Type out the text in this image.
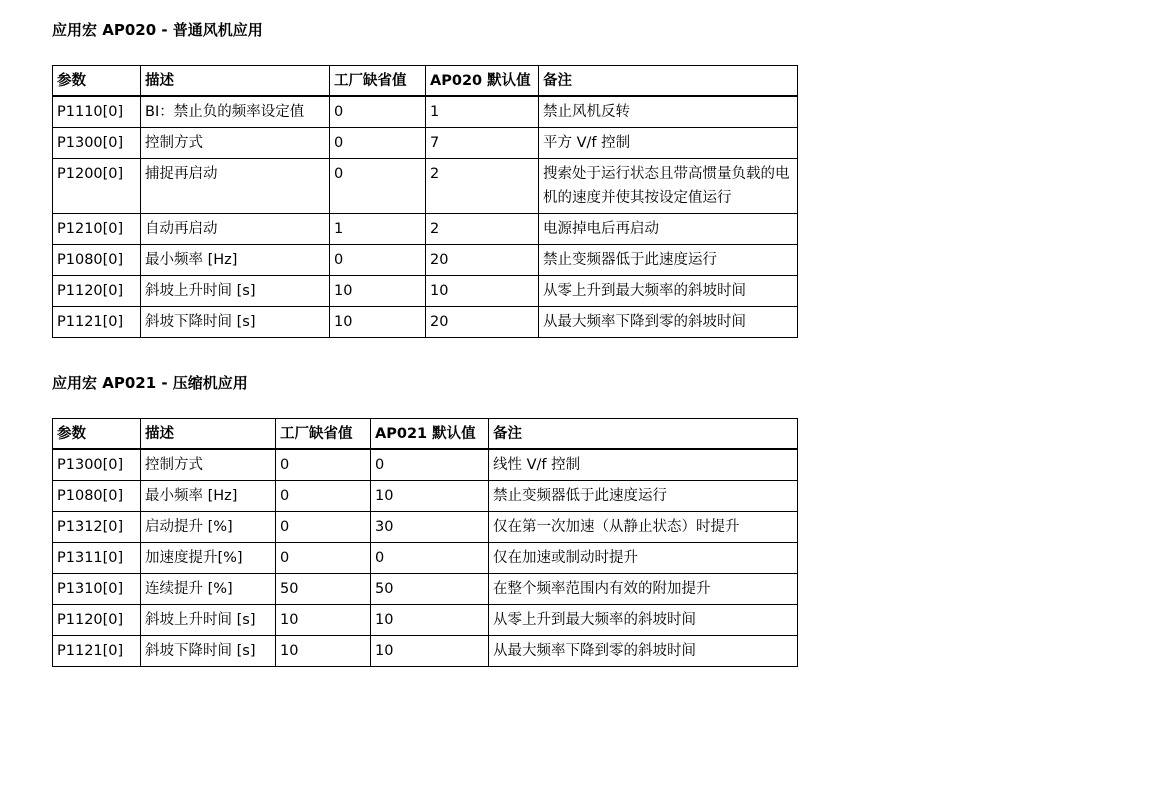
应用宏 AP020 - 普通风机应用
参数	描述	工厂缺省值	AP020 默认值	备注
P1110[0]	BI：禁止负的频率设定值	0	1	禁止风机反转
P1300[0]	控制方式	0	7	平方 V/f 控制
P1200[0]	捕捉再启动	0	2	搜索处于运行状态且带高惯量负载的电机的速度并使其按设定值运行
P1210[0]	自动再启动	1	2	电源掉电后再启动
P1080[0]	最小频率 [Hz]	0	20	禁止变频器低于此速度运行
P1120[0]	斜坡上升时间 [s]	10	10	从零上升到最大频率的斜坡时间
P1121[0]	斜坡下降时间 [s]	10	20	从最大频率下降到零的斜坡时间
应用宏 AP021 - 压缩机应用
参数	描述	工厂缺省值	AP021 默认值	备注
P1300[0]	控制方式	0	0	线性 V/f 控制
P1080[0]	最小频率 [Hz]	0	10	禁止变频器低于此速度运行
P1312[0]	启动提升 [%]	0	30	仅在第一次加速（从静止状态）时提升
P1311[0]	加速度提升[%]	0	0	仅在加速或制动时提升
P1310[0]	连续提升 [%]	50	50	在整个频率范围内有效的附加提升
P1120[0]	斜坡上升时间 [s]	10	10	从零上升到最大频率的斜坡时间
P1121[0]	斜坡下降时间 [s]	10	10	从最大频率下降到零的斜坡时间
